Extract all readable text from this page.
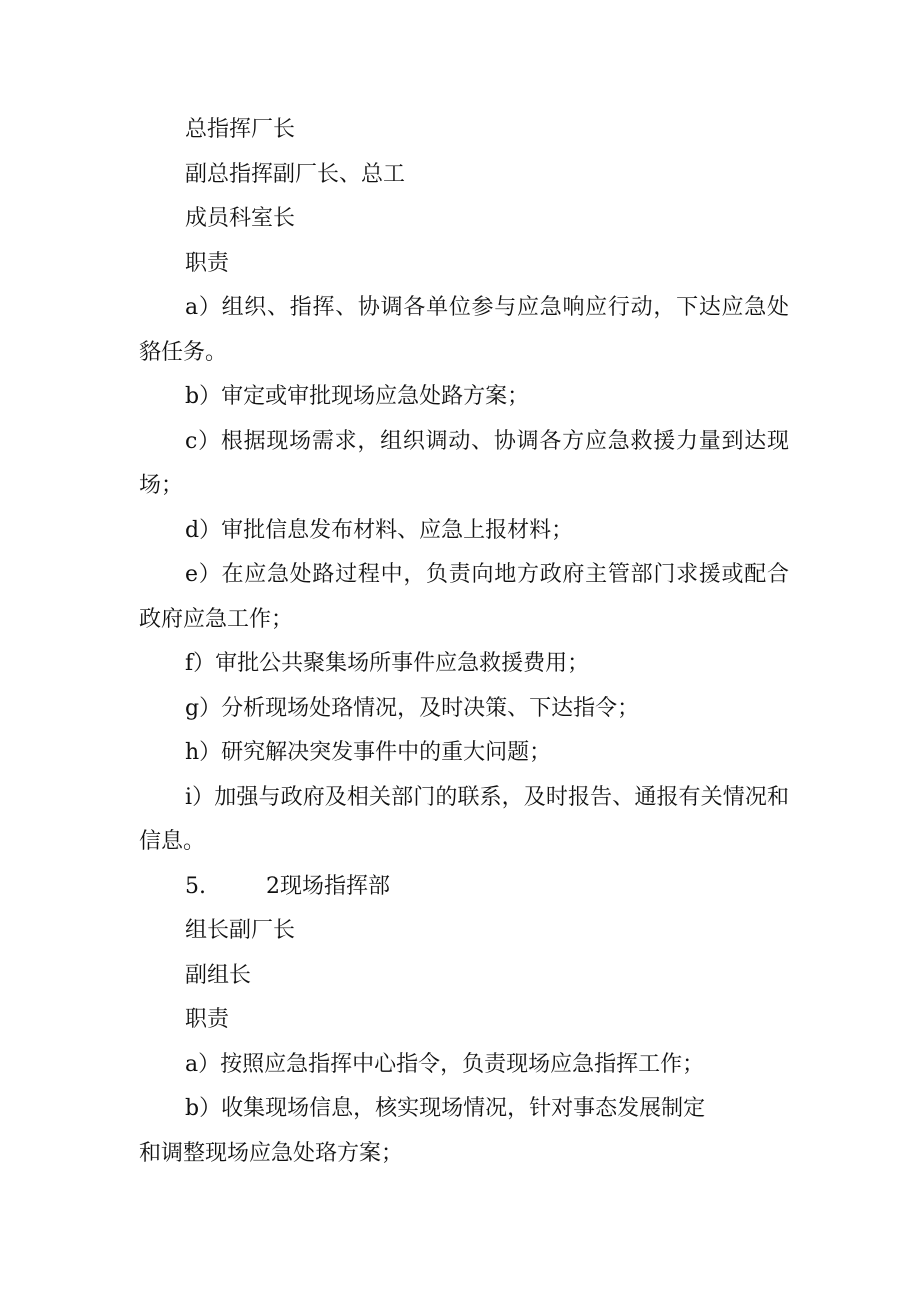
总指挥厂长

副总指挥副厂长、总工

成员科室长

职责

a）组织、指挥、协调各单位参与应急响应行动，下达应急处貉任务。

b）审定或审批现场应急处路方案；

c）根据现场需求，组织调动、协调各方应急救援力量到达现场；

d）审批信息发布材料、应急上报材料；

e）在应急处路过程中，负责向地方政府主管部门求援或配合政府应急工作；

f）审批公共聚集场所事件应急救援费用；

g）分析现场处珞情况，及时决策、下达指令；

h）研究解决突发事件中的重大问题；

i）加强与政府及相关部门的联系，及时报告、通报有关情况和信息。

5.	2现场指挥部

组长副厂长

副组长

职责

a）按照应急指挥中心指令，负责现场应急指挥工作；

b）收集现场信息，核实现场情况，针对事态发展制定

和调整现场应急处珞方案；
